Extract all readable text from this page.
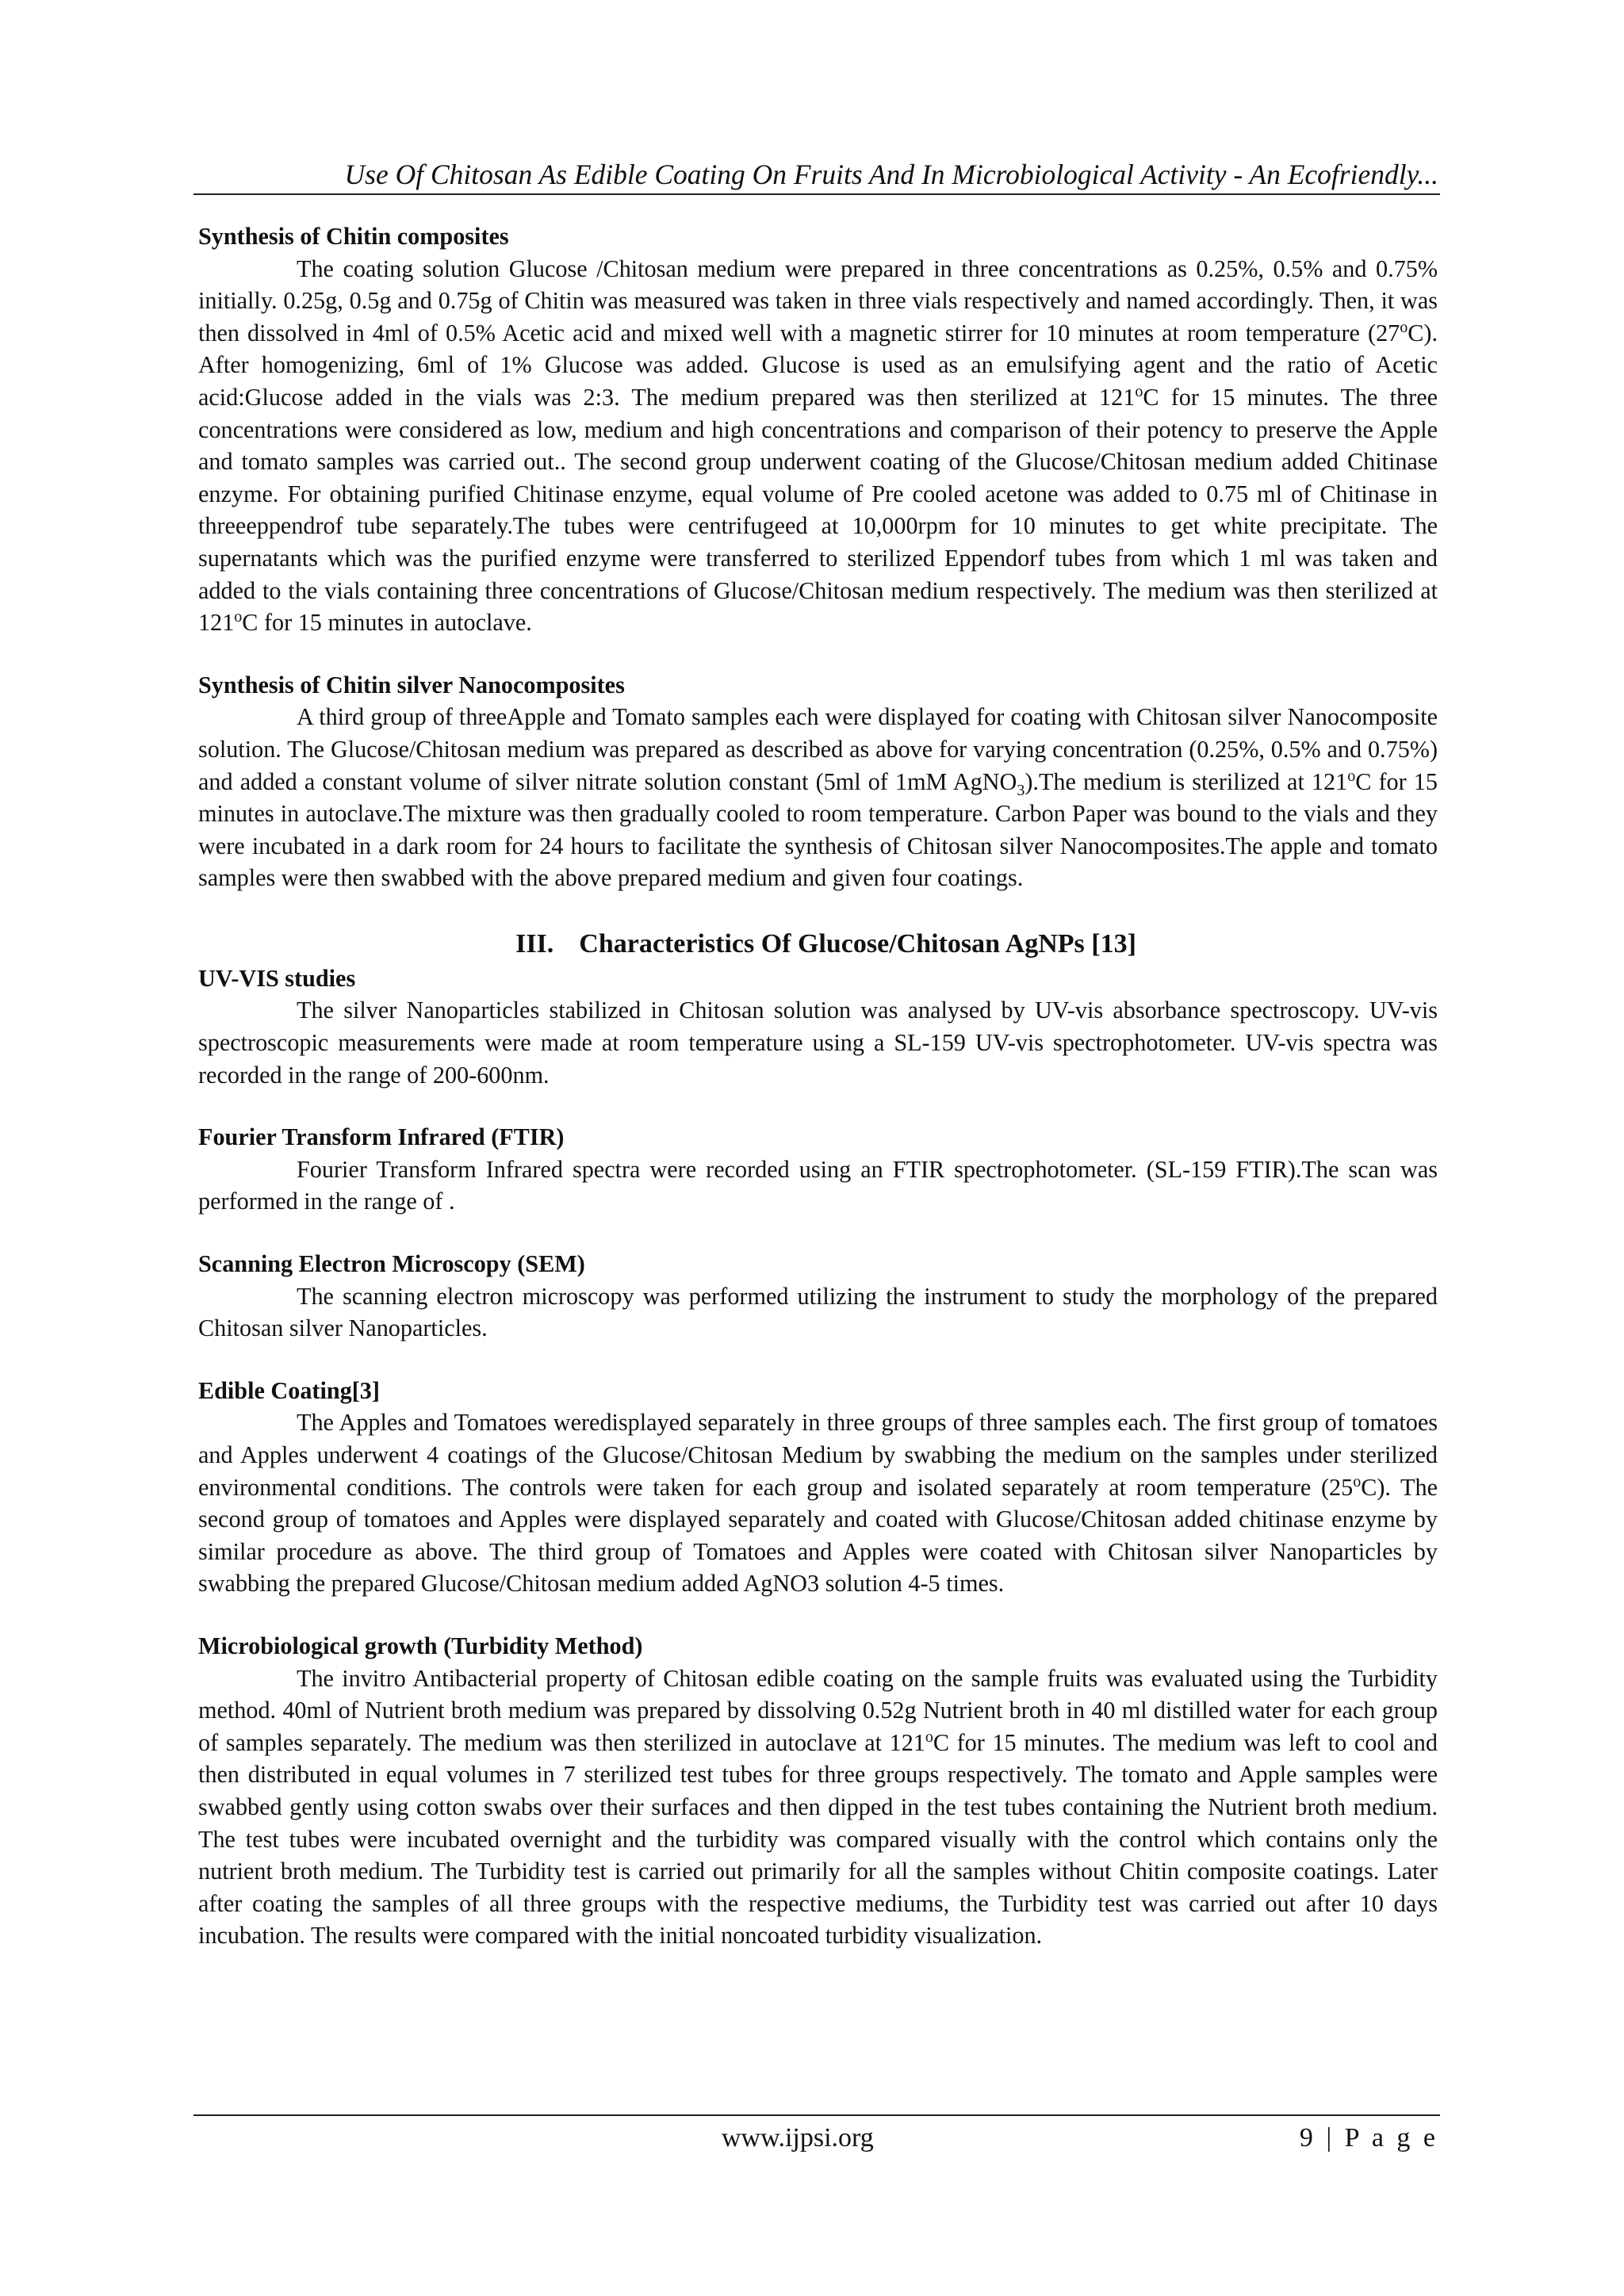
Use Of Chitosan As Edible Coating On Fruits And In Microbiological Activity - An Ecofriendly...
Synthesis of Chitin composites

The coating solution Glucose /Chitosan medium were prepared in three concentrations as 0.25%, 0.5% and 0.75% initially. 0.25g, 0.5g and 0.75g of Chitin was measured was taken in three vials respectively and named accordingly. Then, it was then dissolved in 4ml of 0.5% Acetic acid and mixed well with a magnetic stirrer for 10 minutes at room temperature (27$^o$C). After homogenizing, 6ml of 1% Glucose was added. Glucose is used as an emulsifying agent and the ratio of Acetic acid:Glucose added in the vials was 2:3. The medium prepared was then sterilized at 121$^o$C for 15 minutes. The three concentrations were considered as low, medium and high concentrations and comparison of their potency to preserve the Apple and tomato samples was carried out.. The second group underwent coating of the Glucose/Chitosan medium added Chitinase enzyme. For obtaining purified Chitinase enzyme, equal volume of Pre cooled acetone was added to 0.75 ml of Chitinase in threeeppendrof tube separately.The tubes were centrifugeed at 10,000rpm for 10 minutes to get white precipitate. The supernatants which was the purified enzyme were transferred to sterilized Eppendorf tubes from which 1 ml was taken and added to the vials containing three concentrations of Glucose/Chitosan medium respectively. The medium was then sterilized at 121$^o$C for 15 minutes in autoclave.

Synthesis of Chitin silver Nanocomposites

A third group of threeApple and Tomato samples each were displayed for coating with Chitosan silver Nanocomposite solution. The Glucose/Chitosan medium was prepared as described as above for varying concentration (0.25%, 0.5% and 0.75%) and added a constant volume of silver nitrate solution constant (5ml of 1mM AgNO$_3$).The medium is sterilized at 121$^o$C for 15 minutes in autoclave.The mixture was then gradually cooled to room temperature. Carbon Paper was bound to the vials and they were incubated in a dark room for 24 hours to facilitate the synthesis of Chitosan silver Nanocomposites.The apple and tomato samples were then swabbed with the above prepared medium and given four coatings.

III. Characteristics Of Glucose/Chitosan AgNPs [13]
UV-VIS studies

The silver Nanoparticles stabilized in Chitosan solution was analysed by UV-vis absorbance spectroscopy. UV-vis spectroscopic measurements were made at room temperature using a SL-159 UV-vis spectrophotometer. UV-vis spectra was recorded in the range of 200-600nm.

Fourier Transform Infrared (FTIR)

Fourier Transform Infrared spectra were recorded using an FTIR spectrophotometer. (SL-159 FTIR).The scan was performed in the range of .

Scanning Electron Microscopy (SEM)

The scanning electron microscopy was performed utilizing the instrument to study the morphology of the prepared Chitosan silver Nanoparticles.

Edible Coating[3]

The Apples and Tomatoes weredisplayed separately in three groups of three samples each. The first group of tomatoes and Apples underwent 4 coatings of the Glucose/Chitosan Medium by swabbing the medium on the samples under sterilized environmental conditions. The controls were taken for each group and isolated separately at room temperature (25$^o$C). The second group of tomatoes and Apples were displayed separately and coated with Glucose/Chitosan added chitinase enzyme by similar procedure as above. The third group of Tomatoes and Apples were coated with Chitosan silver Nanoparticles by swabbing the prepared Glucose/Chitosan medium added AgNO3 solution 4-5 times.

Microbiological growth (Turbidity Method)

The invitro Antibacterial property of Chitosan edible coating on the sample fruits was evaluated using the Turbidity method. 40ml of Nutrient broth medium was prepared by dissolving 0.52g Nutrient broth in 40 ml distilled water for each group of samples separately. The medium was then sterilized in autoclave at 121$^o$C for 15 minutes. The medium was left to cool and then distributed in equal volumes in 7 sterilized test tubes for three groups respectively. The tomato and Apple samples were swabbed gently using cotton swabs over their surfaces and then dipped in the test tubes containing the Nutrient broth medium. The test tubes were incubated overnight and the turbidity was compared visually with the control which contains only the nutrient broth medium. The Turbidity test is carried out primarily for all the samples without Chitin composite coatings. Later after coating the samples of all three groups with the respective mediums, the Turbidity test was carried out after 10 days incubation. The results were compared with the initial noncoated turbidity visualization.

www.ijpsi.org	9 | P a g e
